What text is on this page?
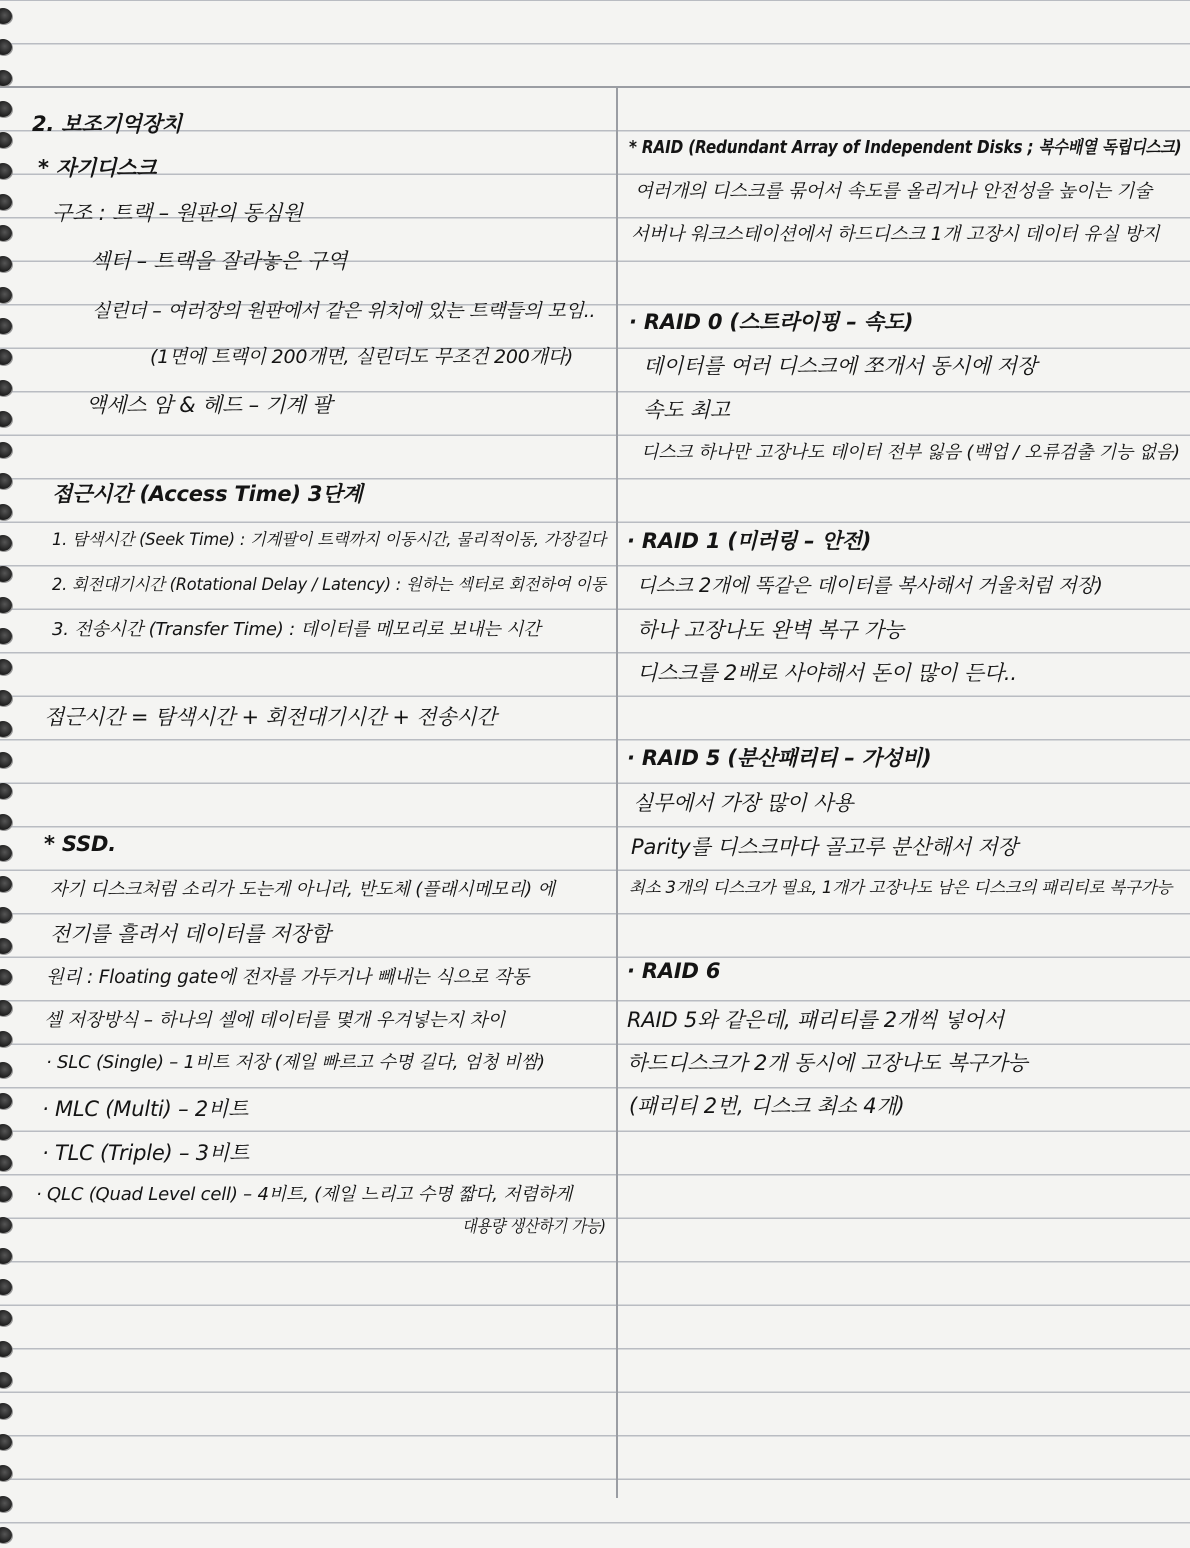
2. 보조기억장치
* 자기디스크
구조 : 트랙 – 원판의 동심원
섹터 – 트랙을 잘라놓은 구역
실린더 – 여러장의 원판에서 같은 위치에 있는 트랙들의 모임..
(1면에 트랙이 200개면, 실린더도 무조건 200개다)
액세스 암 & 헤드 – 기계 팔
접근시간 (Access Time) 3단계
1. 탐색시간 (Seek Time) : 기계팔이 트랙까지 이동시간, 물리적이동, 가장길다
2. 회전대기시간 (Rotational Delay / Latency) : 원하는 섹터로 회전하여 이동
3. 전송시간 (Transfer Time) : 데이터를 메모리로 보내는 시간
접근시간 = 탐색시간 + 회전대기시간 + 전송시간
* SSD.
자기 디스크처럼 소리가 도는게 아니라, 반도체 (플래시메모리) 에
전기를 흘려서 데이터를 저장함
원리 : Floating gate에 전자를 가두거나 빼내는 식으로 작동
셀 저장방식 – 하나의 셀에 데이터를 몇개 우겨넣는지 차이
· SLC (Single) – 1비트 저장 (제일 빠르고 수명 길다, 엄청 비쌈)
· MLC (Multi) – 2비트
· TLC (Triple) – 3비트
· QLC (Quad Level cell) – 4비트, (제일 느리고 수명 짧다, 저렴하게
대용량 생산하기 가능)
* RAID (Redundant Array of Independent Disks ; 복수배열 독립디스크)
여러개의 디스크를 묶어서 속도를 올리거나 안전성을 높이는 기술
서버나 워크스테이션에서 하드디스크 1개 고장시 데이터 유실 방지
· RAID 0 (스트라이핑 – 속도)
데이터를 여러 디스크에 쪼개서 동시에 저장
속도 최고
디스크 하나만 고장나도 데이터 전부 잃음 (백업 / 오류검출 기능 없음)
· RAID 1 (미러링 – 안전)
디스크 2개에 똑같은 데이터를 복사해서 거울처럼 저장)
하나 고장나도 완벽 복구 가능
디스크를 2배로 사야해서 돈이 많이 든다..
· RAID 5 (분산패리티 – 가성비)
실무에서 가장 많이 사용
Parity를 디스크마다 골고루 분산해서 저장
최소 3개의 디스크가 필요, 1개가 고장나도 남은 디스크의 패리티로 복구가능
· RAID 6
RAID 5와 같은데, 패리티를 2개씩 넣어서
하드디스크가 2개 동시에 고장나도 복구가능
(패리티 2번, 디스크 최소 4개)
